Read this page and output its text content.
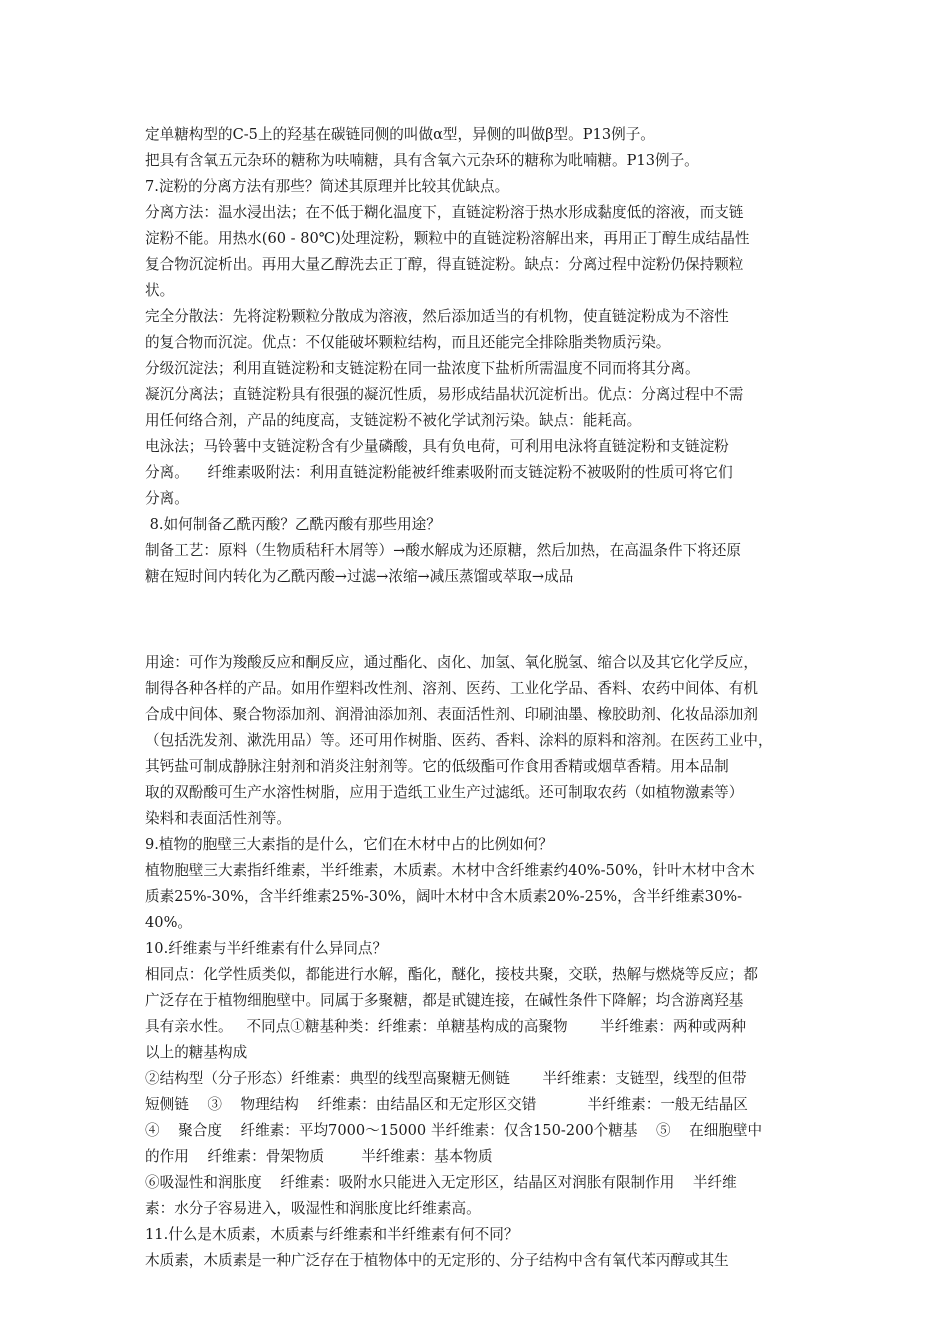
定单糖构型的C-5上的羟基在碳链同侧的叫做α型，异侧的叫做β型。P13例子。
把具有含氧五元杂环的糖称为呋喃糖，具有含氧六元杂环的糖称为吡喃糖。P13例子。
7.淀粉的分离方法有那些？简述其原理并比较其优缺点。
分离方法：温水浸出法；在不低于糊化温度下，直链淀粉溶于热水形成黏度低的溶液，而支链
淀粉不能。用热水(60 - 80℃)处理淀粉，颗粒中的直链淀粉溶解出来，再用正丁醇生成结晶性
复合物沉淀析出。再用大量乙醇洗去正丁醇，得直链淀粉。缺点：分离过程中淀粉仍保持颗粒
状。
完全分散法：先将淀粉颗粒分散成为溶液，然后添加适当的有机物，使直链淀粉成为不溶性
的复合物而沉淀。优点：不仅能破坏颗粒结构，而且还能完全排除脂类物质污染。
分级沉淀法；利用直链淀粉和支链淀粉在同一盐浓度下盐析所需温度不同而将其分离。
凝沉分离法；直链淀粉具有很强的凝沉性质，易形成结晶状沉淀析出。优点：分离过程中不需
用任何络合剂，产品的纯度高，支链淀粉不被化学试剂污染。缺点：能耗高。
电泳法；马铃薯中支链淀粉含有少量磷酸，具有负电荷，可利用电泳将直链淀粉和支链淀粉
分离。    纤维素吸附法：利用直链淀粉能被纤维素吸附而支链淀粉不被吸附的性质可将它们
分离。
8.如何制备乙酰丙酸？乙酰丙酸有那些用途？
制备工艺：原料（生物质秸秆木屑等）→酸水解成为还原糖，然后加热，在高温条件下将还原
糖在短时间内转化为乙酰丙酸→过滤→浓缩→减压蒸馏或萃取→成品
用途：可作为羧酸反应和酮反应，通过酯化、卤化、加氢、氧化脱氢、缩合以及其它化学反应，
制得各种各样的产品。如用作塑料改性剂、溶剂、医药、工业化学品、香料、农药中间体、有机
合成中间体、聚合物添加剂、润滑油添加剂、表面活性剂、印刷油墨、橡胶助剂、化妆品添加剂
（包括洗发剂、漱洗用品）等。还可用作树脂、医药、香料、涂料的原料和溶剂。在医药工业中，
其钙盐可制成静脉注射剂和消炎注射剂等。它的低级酯可作食用香精或烟草香精。用本品制
取的双酚酸可生产水溶性树脂，应用于造纸工业生产过滤纸。还可制取农药（如植物激素等）
染料和表面活性剂等。
9.植物的胞壁三大素指的是什么，它们在木材中占的比例如何？
植物胞壁三大素指纤维素，半纤维素，木质素。木材中含纤维素约40%-50%，针叶木材中含木
质素25%-30%，含半纤维素25%-30%，阔叶木材中含木质素20%-25%，含半纤维素30%-
40%。
10.纤维素与半纤维素有什么异同点？
相同点：化学性质类似，都能进行水解，酯化，醚化，接枝共聚，交联，热解与燃烧等反应；都
广泛存在于植物细胞壁中。同属于多聚糖，都是甙键连接，在碱性条件下降解；均含游离羟基
具有亲水性。   不同点①糖基种类：纤维素：单糖基构成的高聚物       半纤维素：两种或两种
以上的糖基构成
②结构型（分子形态）纤维素：典型的线型高聚糖无侧链       半纤维素：支链型，线型的但带
短侧链    ③    物理结构    纤维素：由结晶区和无定形区交错           半纤维素：一般无结晶区
④    聚合度    纤维素：平均7000～15000 半纤维素：仅含150-200个糖基    ⑤    在细胞壁中
的作用    纤维素：骨架物质        半纤维素：基本物质
⑥吸湿性和润胀度    纤维素：吸附水只能进入无定形区，结晶区对润胀有限制作用    半纤维
素：水分子容易进入，吸湿性和润胀度比纤维素高。
11.什么是木质素，木质素与纤维素和半纤维素有何不同？
木质素，木质素是一种广泛存在于植物体中的无定形的、分子结构中含有氧代苯丙醇或其生
